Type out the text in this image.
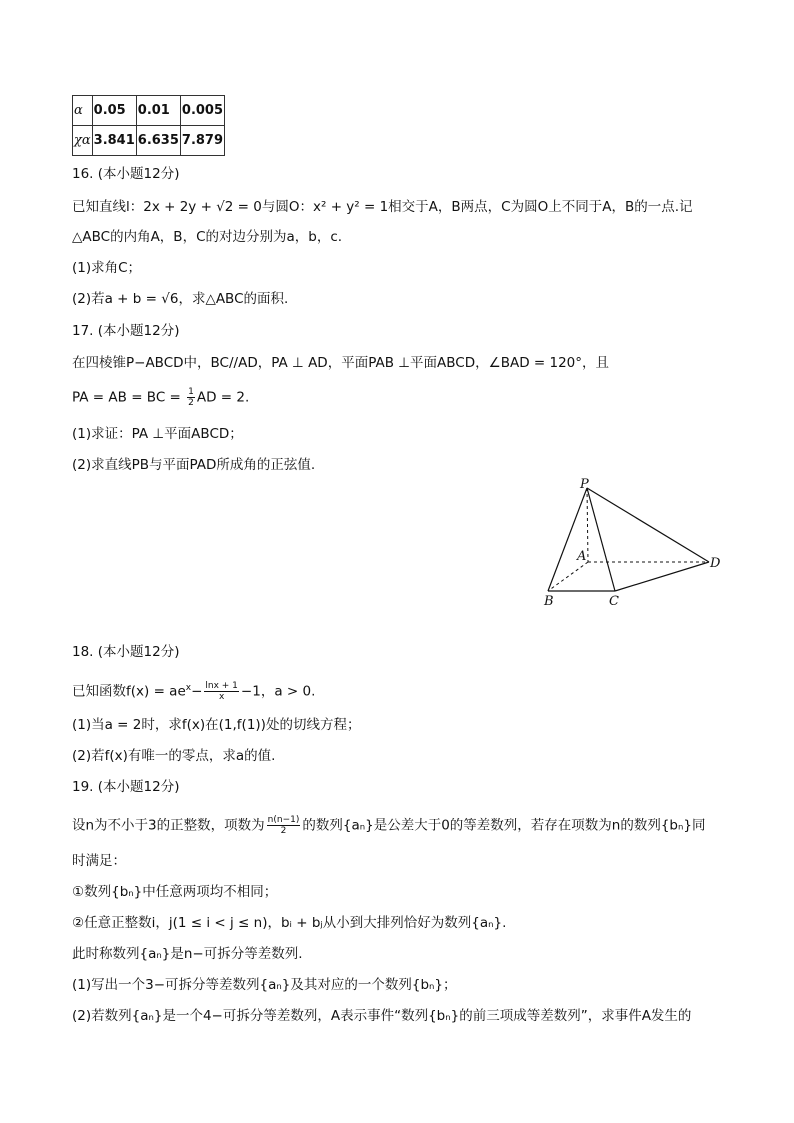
α	0.05	0.01	0.005
χα	3.841	6.635	7.879
16. (本小题12分)
已知直线l：2x + 2y + √2 = 0与圆O：x² + y² = 1相交于A，B两点，C为圆O上不同于A，B的一点.记
△ABC的内角A，B，C的对边分别为a，b，c.
(1)求角C；
(2)若a + b = √6，求△ABC的面积.
17. (本小题12分)
在四棱锥P−ABCD中，BC//AD，PA ⊥ AD，平面PAB ⊥平面ABCD，∠BAD = 120°，且
PA = AB = BC = $\frac{1}{2}$ AD = 2.
(1)求证：PA ⊥平面ABCD；
(2)求直线PB与平面PAD所成角的正弦值.
P
A
B	C
D
18. (本小题12分)
已知函数$f(x) = ae^x- \frac{\ln x + 1}{x} -1$，a > 0.
(1)当a = 2时，求f(x)在(1,f(1))处的切线方程；
(2)若f(x)有唯一的零点，求a的值.
19. (本小题12分)
设n为不小于3的正整数，项数为 $\frac{n(n-1)}{2}$ 的数列{aₙ}是公差大于0的等差数列，若存在项数为n的数列{bₙ}同
时满足：
①数列{bₙ}中任意两项均不相同；
②任意正整数i，j(1 ≤ i < j ≤ n)，bᵢ + bⱼ从小到大排列恰好为数列{aₙ}.
此时称数列{aₙ}是n−可拆分等差数列.
(1)写出一个3−可拆分等差数列{aₙ}及其对应的一个数列{bₙ}；
(2)若数列{aₙ}是一个4−可拆分等差数列，A表示事件“数列{bₙ}的前三项成等差数列”，求事件A发生的
